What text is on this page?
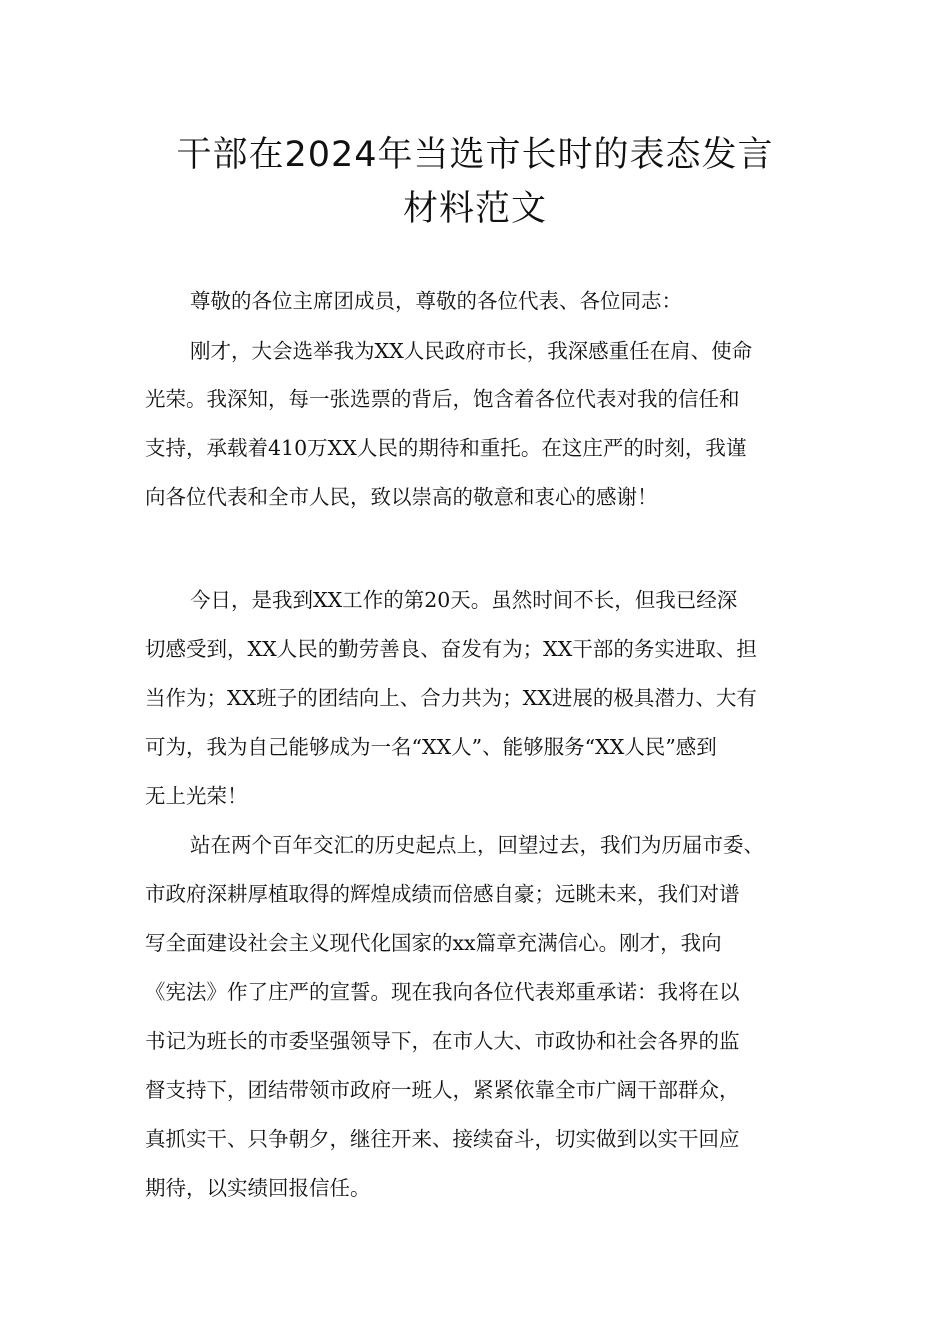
干部在2024年当选市长时的表态发言
材料范文
尊敬的各位主席团成员，尊敬的各位代表、各位同志：
刚才，大会选举我为XX人民政府市长，我深感重任在肩、使命
光荣。我深知，每一张选票的背后，饱含着各位代表对我的信任和
支持，承载着410万XX人民的期待和重托。在这庄严的时刻，我谨
向各位代表和全市人民，致以崇高的敬意和衷心的感谢！
今日，是我到XX工作的第20天。虽然时间不长，但我已经深
切感受到，XX人民的勤劳善良、奋发有为；XX干部的务实进取、担
当作为；XX班子的团结向上、合力共为；XX进展的极具潜力、大有
可为，我为自己能够成为一名“XX人”、能够服务“XX人民”感到
无上光荣！
站在两个百年交汇的历史起点上，回望过去，我们为历届市委、
市政府深耕厚植取得的辉煌成绩而倍感自豪；远眺未来，我们对谱
写全面建设社会主义现代化国家的xx篇章充满信心。刚才，我向
《宪法》作了庄严的宣誓。现在我向各位代表郑重承诺：我将在以
书记为班长的市委坚强领导下，在市人大、市政协和社会各界的监
督支持下，团结带领市政府一班人，紧紧依靠全市广阔干部群众，
真抓实干、只争朝夕，继往开来、接续奋斗，切实做到以实干回应
期待，以实绩回报信任。
